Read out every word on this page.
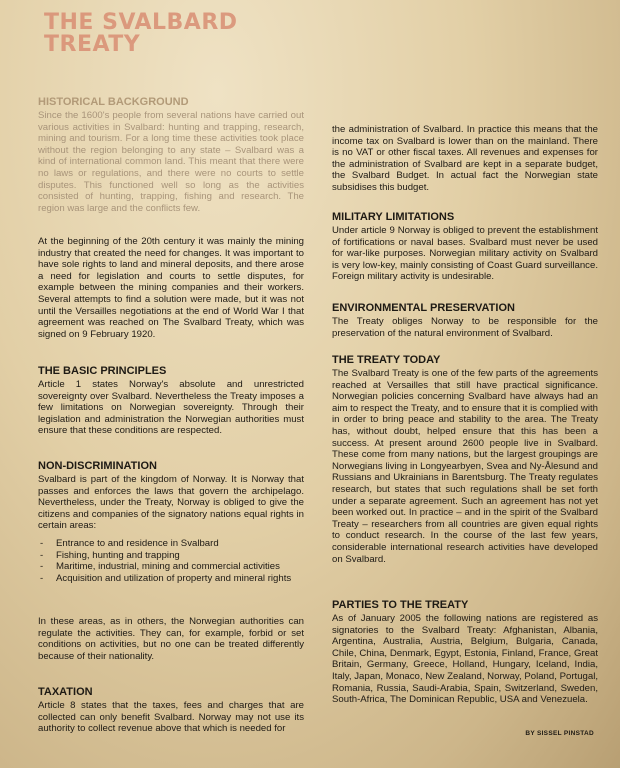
THE SVALBARD
TREATY
HISTORICAL BACKGROUND

Since the 1600's people from several nations have carried out various activities in Svalbard: hunting and trapping, research, mining and tourism. For a long time these activities took place without the region belonging to any state – Svalbard was a kind of international common land. This meant that there were no laws or regulations, and there were no courts to settle disputes. This functioned well so long as the activities consisted of hunting, trapping, fishing and research. The region was large and the conflicts few.

At the beginning of the 20th century it was mainly the mining industry that created the need for changes. It was important to have sole rights to land and mineral deposits, and there arose a need for legislation and courts to settle disputes, for example between the mining companies and their workers. Several attempts to find a solution were made, but it was not until the Versailles negotiations at the end of World War I that agreement was reached on The Svalbard Treaty, which was signed on 9 February 1920.

THE BASIC PRINCIPLES

Article 1 states Norway's absolute and unrestricted sovereignty over Svalbard. Nevertheless the Treaty imposes a few limitations on Norwegian sovereignty. Through their legislation and administration the Norwegian authorities must ensure that these conditions are respected.

NON-DISCRIMINATION

Svalbard is part of the kingdom of Norway. It is Norway that passes and enforces the laws that govern the archipelago. Nevertheless, under the Treaty, Norway is obliged to give the citizens and companies of the signatory nations equal rights in certain areas:

- Entrance to and residence in Svalbard
- Fishing, hunting and trapping
- Maritime, industrial, mining and commercial activities
- Acquisition and utilization of property and mineral rights

In these areas, as in others, the Norwegian authorities can regulate the activities. They can, for example, forbid or set conditions on activities, but no one can be treated differently because of their nationality.

TAXATION

Article 8 states that the taxes, fees and charges that are collected can only benefit Svalbard. Norway may not use its authority to collect revenue above that which is needed for

the administration of Svalbard. In practice this means that the income tax on Svalbard is lower than on the mainland. There is no VAT or other fiscal taxes. All revenues and expenses for the administration of Svalbard are kept in a separate budget, the Svalbard Budget. In actual fact the Norwegian state subsidises this budget.

MILITARY LIMITATIONS

Under article 9 Norway is obliged to prevent the establishment of fortifications or naval bases. Svalbard must never be used for war-like purposes. Norwegian military activity on Svalbard is very low-key, mainly consisting of Coast Guard surveillance. Foreign military activity is undesirable.

ENVIRONMENTAL PRESERVATION

The Treaty obliges Norway to be responsible for the preservation of the natural environment of Svalbard.

THE TREATY TODAY

The Svalbard Treaty is one of the few parts of the agreements reached at Versailles that still have practical significance. Norwegian policies concerning Svalbard have always had an aim to respect the Treaty, and to ensure that it is complied with in order to bring peace and stability to the area. The Treaty has, without doubt, helped ensure that this has been a success. At present around 2600 people live in Svalbard. These come from many nations, but the largest groupings are Norwegians living in Longyearbyen, Svea and Ny-Ålesund and Russians and Ukrainians in Barentsburg. The Treaty regulates research, but states that such regulations shall be set forth under a separate agreement. Such an agreement has not yet been worked out. In practice – and in the spirit of the Svalbard Treaty – researchers from all countries are given equal rights to conduct research. In the course of the last few years, considerable international research activities have developed on Svalbard.

PARTIES TO THE TREATY

As of January 2005 the following nations are registered as signatories to the Svalbard Treaty: Afghanistan, Albania, Argentina, Australia, Austria, Belgium, Bulgaria, Canada, Chile, China, Denmark, Egypt, Estonia, Finland, France, Great Britain, Germany, Greece, Holland, Hungary, Iceland, India, Italy, Japan, Monaco, New Zealand, Norway, Poland, Portugal, Romania, Russia, Saudi-Arabia, Spain, Switzerland, Sweden, South-Africa, The Dominican Republic, USA and Venezuela.

BY SISSEL PINSTAD
